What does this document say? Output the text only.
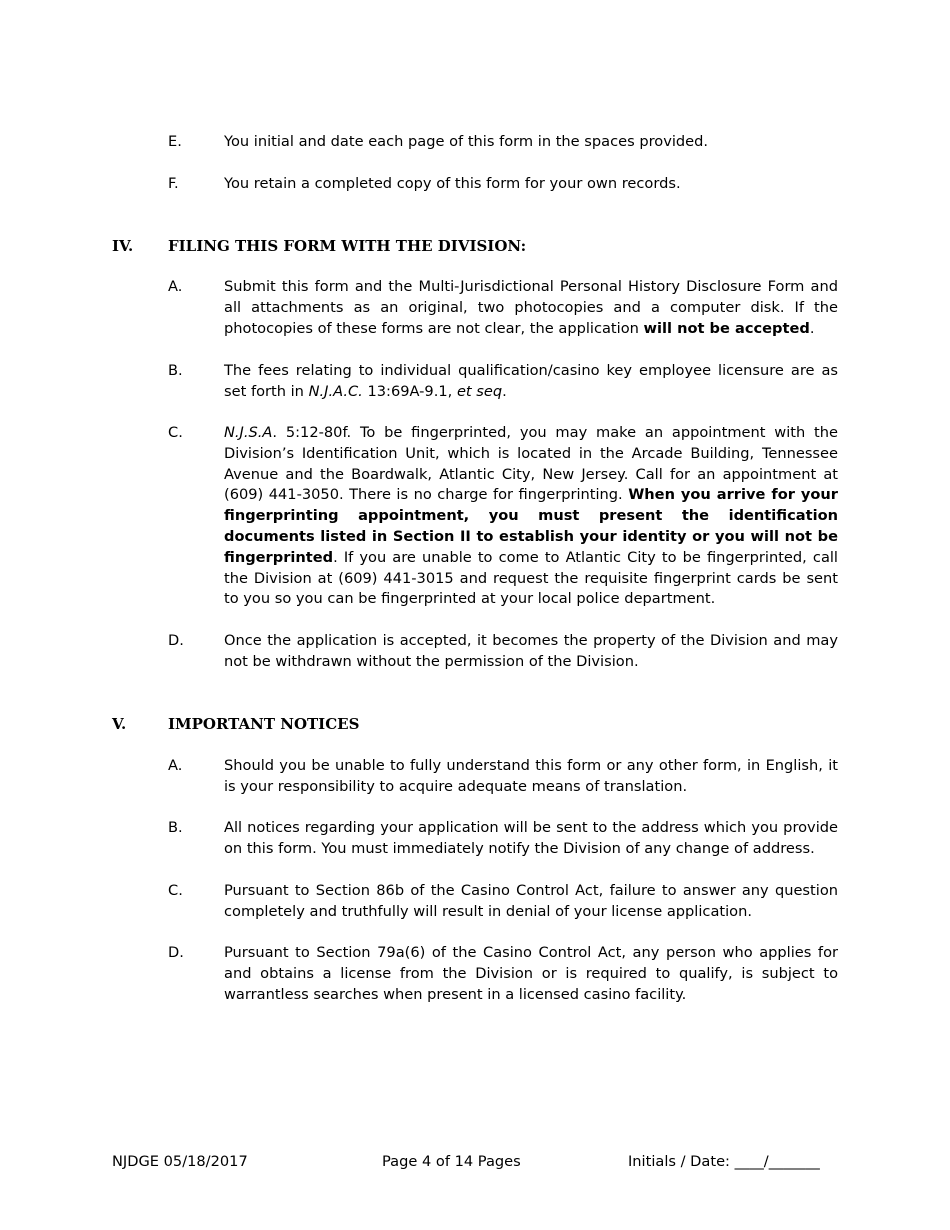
E.	You initial and date each page of this form in the spaces provided.
F.	You retain a completed copy of this form for your own records.
IV. FILING THIS FORM WITH THE DIVISION:
A.	Submit this form and the Multi-Jurisdictional Personal History Disclosure Form and all attachments as an original, two photocopies and a computer disk. If the photocopies of these forms are not clear, the application will not be accepted.
B.	The fees relating to individual qualification/casino key employee licensure are as set forth in N.J.A.C. 13:69A-9.1, et seq.
C.	N.J.S.A. 5:12-80f. To be fingerprinted, you may make an appointment with the Division’s Identification Unit, which is located in the Arcade Building, Tennessee Avenue and the Boardwalk, Atlantic City, New Jersey. Call for an appointment at (609) 441-3050. There is no charge for fingerprinting. When you arrive for your fingerprinting appointment, you must present the identification documents listed in Section II to establish your identity or you will not be fingerprinted. If you are unable to come to Atlantic City to be fingerprinted, call the Division at (609) 441-3015 and request the requisite fingerprint cards be sent to you so you can be fingerprinted at your local police department.
D.	Once the application is accepted, it becomes the property of the Division and may not be withdrawn without the permission of the Division.
V.	IMPORTANT NOTICES
A.	Should you be unable to fully understand this form or any other form, in English, it is your responsibility to acquire adequate means of translation.
B.	All notices regarding your application will be sent to the address which you provide on this form. You must immediately notify the Division of any change of address.
C.	Pursuant to Section 86b of the Casino Control Act, failure to answer any question completely and truthfully will result in denial of your license application.
D.	Pursuant to Section 79a(6) of the Casino Control Act, any person who applies for and obtains a license from the Division or is required to qualify, is subject to warrantless searches when present in a licensed casino facility.
NJDGE 05/18/2017	Page 4 of 14 Pages	Initials / Date: ____/_______
